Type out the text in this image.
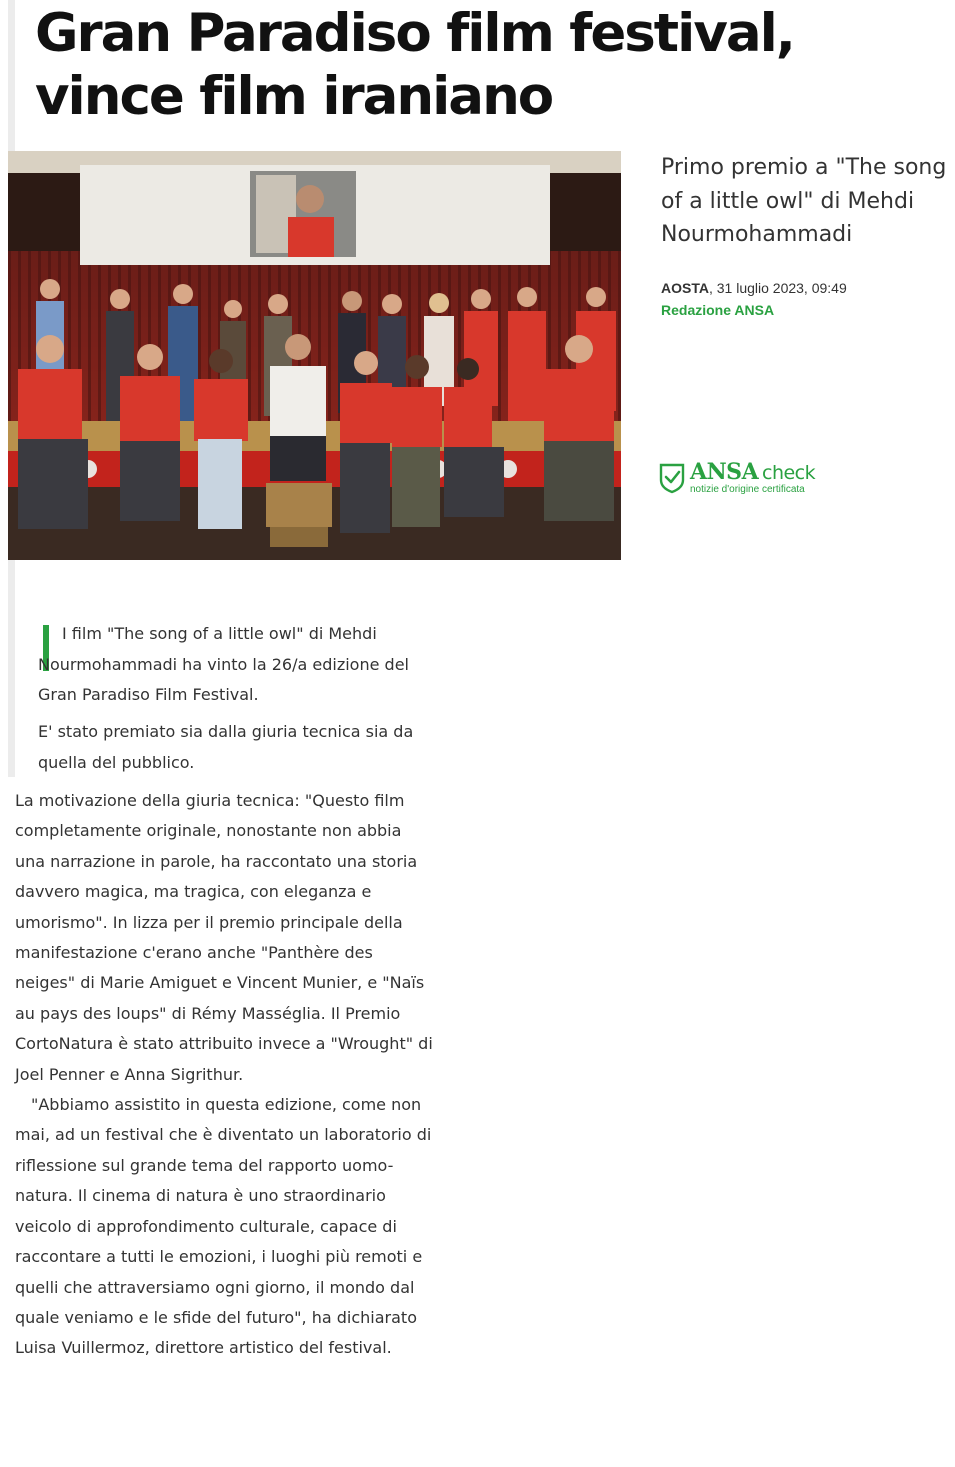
Gran Paradiso film festival, vince film iraniano
Primo premio a "The song of a little owl" di Mehdi Nourmohammadi
AOSTA, 31 luglio 2023, 09:49
Redazione ANSA
ANSA check
notizie d'origine certificata

I film "The song of a little owl" di Mehdi Nourmohammadi ha vinto la 26/a edizione del Gran Paradiso Film Festival.

E' stato premiato sia dalla giuria tecnica sia da quella del pubblico.

La motivazione della giuria tecnica: "Questo film completamente originale, nonostante non abbia una narrazione in parole, ha raccontato una storia davvero magica, ma tragica, con eleganza e umorismo". In lizza per il premio principale della manifestazione c'erano anche "Panthère des neiges" di Marie Amiguet e Vincent Munier, e "Naïs au pays des loups" di Rémy Masséglia. Il Premio CortoNatura è stato attribuito invece a "Wrought" di Joel Penner e Anna Sigrithur.

"Abbiamo assistito in questa edizione, come non mai, ad un festival che è diventato un laboratorio di riflessione sul grande tema del rapporto uomo-natura. Il cinema di natura è uno straordinario veicolo di approfondimento culturale, capace di raccontare a tutti le emozioni, i luoghi più remoti e quelli che attraversiamo ogni giorno, il mondo dal quale veniamo e le sfide del futuro", ha dichiarato Luisa Vuillermoz, direttore artistico del festival.
